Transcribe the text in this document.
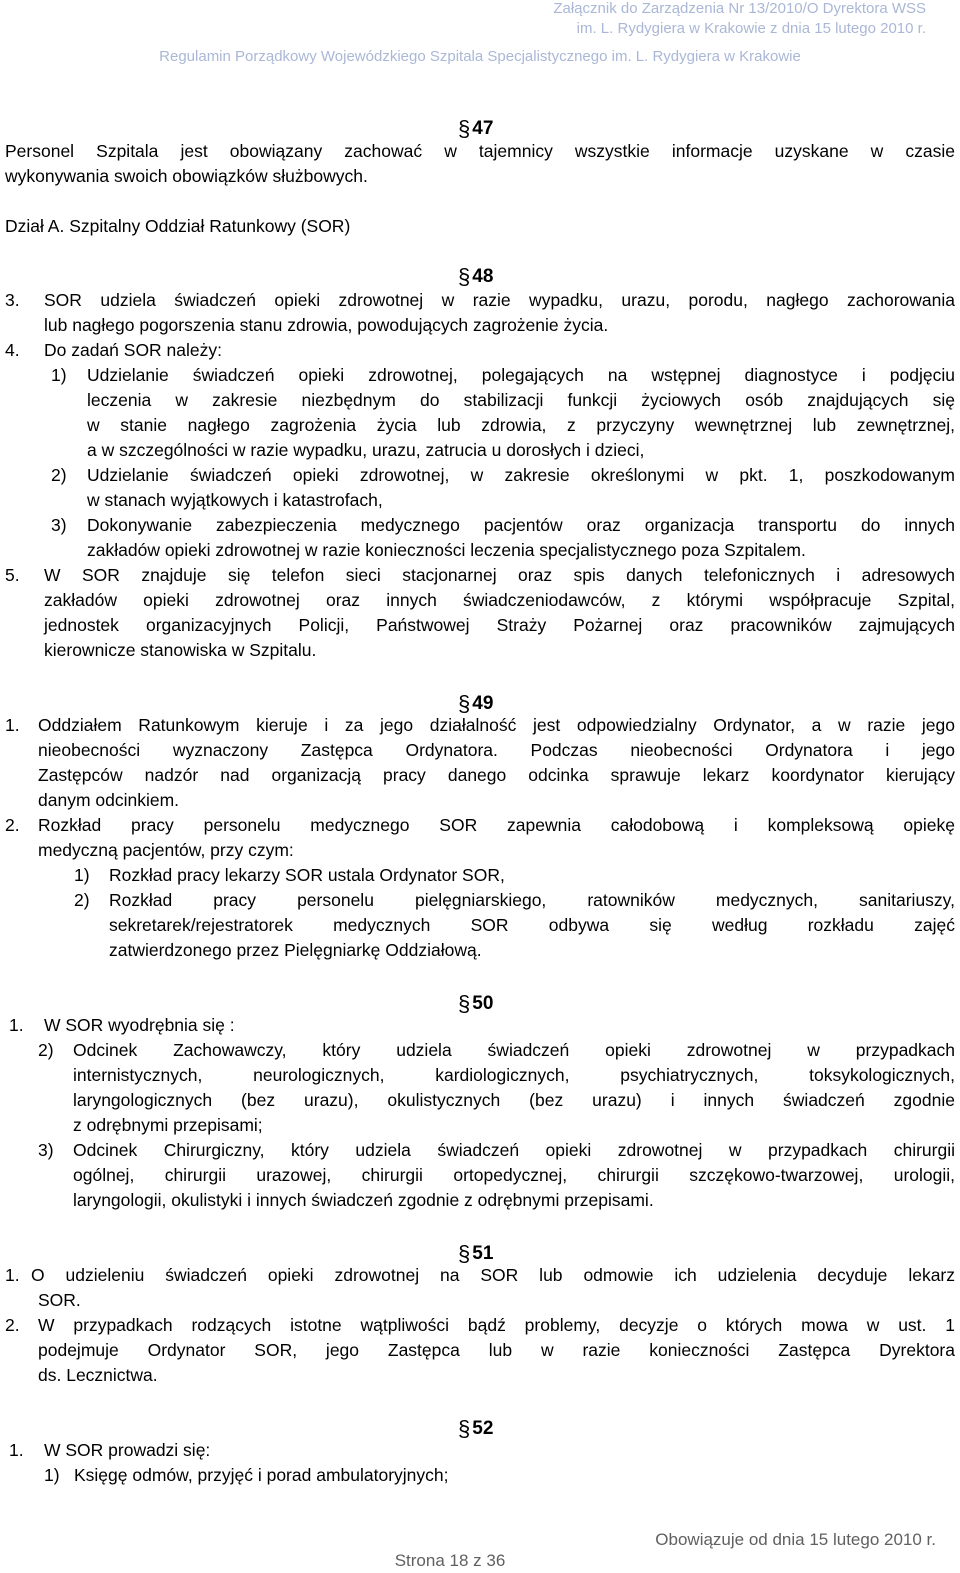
Załącznik do Zarządzenia Nr 13/2010/O Dyrektora WSS
im. L. Rydygiera w Krakowie z dnia 15 lutego 2010 r.
Regulamin Porządkowy Wojewódzkiego Szpitala Specjalistycznego im. L. Rydygiera w Krakowie
§ 47
Personel Szpitala jest obowiązany zachować w tajemnicy wszystkie informacje uzyskane w czasie
wykonywania swoich obowiązków służbowych.
Dział A. Szpitalny Oddział Ratunkowy (SOR)
§ 48
3. SOR udziela świadczeń opieki zdrowotnej w razie wypadku, urazu, porodu, nagłego zachorowania
lub nagłego pogorszenia stanu zdrowia, powodujących zagrożenie życia.
4. Do zadań SOR należy:
1) Udzielanie świadczeń opieki zdrowotnej, polegających na wstępnej diagnostyce i podjęciu
leczenia w zakresie niezbędnym do stabilizacji funkcji życiowych osób znajdujących się
w stanie nagłego zagrożenia życia lub zdrowia, z przyczyny wewnętrznej lub zewnętrznej,
a w szczególności w razie wypadku, urazu, zatrucia u dorosłych i dzieci,
2) Udzielanie świadczeń opieki zdrowotnej, w zakresie określonymi w pkt. 1, poszkodowanym
w stanach wyjątkowych i katastrofach,
3) Dokonywanie zabezpieczenia medycznego pacjentów oraz organizacja transportu do innych
zakładów opieki zdrowotnej w razie konieczności leczenia specjalistycznego poza Szpitalem.
5. W SOR znajduje się telefon sieci stacjonarnej oraz spis danych telefonicznych i adresowych
zakładów opieki zdrowotnej oraz innych świadczeniodawców, z którymi współpracuje Szpital,
jednostek organizacyjnych Policji, Państwowej Straży Pożarnej oraz pracowników zajmujących
kierownicze stanowiska w Szpitalu.
§ 49
1. Oddziałem Ratunkowym kieruje i za jego działalność jest odpowiedzialny Ordynator, a w razie jego
nieobecności wyznaczony Zastępca Ordynatora. Podczas nieobecności Ordynatora i jego
Zastępców nadzór nad organizacją pracy danego odcinka sprawuje lekarz koordynator kierujący
danym odcinkiem.
2. Rozkład pracy personelu medycznego SOR zapewnia całodobową i kompleksową opiekę
medyczną pacjentów, przy czym:
1) Rozkład pracy lekarzy SOR ustala Ordynator SOR,
2) Rozkład pracy personelu pielęgniarskiego, ratowników medycznych, sanitariuszy,
sekretarek/rejestratorek medycznych SOR odbywa się według rozkładu zajęć
zatwierdzonego przez Pielęgniarkę Oddziałową.
§ 50
1. W SOR wyodrębnia się :
2) Odcinek Zachowawczy, który udziela świadczeń opieki zdrowotnej w przypadkach
internistycznych, neurologicznych, kardiologicznych, psychiatrycznych, toksykologicznych,
laryngologicznych (bez urazu), okulistycznych (bez urazu) i innych świadczeń zgodnie
z odrębnymi przepisami;
3) Odcinek Chirurgiczny, który udziela świadczeń opieki zdrowotnej w przypadkach chirurgii
ogólnej, chirurgii urazowej, chirurgii ortopedycznej, chirurgii szczękowo-twarzowej, urologii,
laryngologii, okulistyki i innych świadczeń zgodnie z odrębnymi przepisami.
§ 51
1. O udzieleniu świadczeń opieki zdrowotnej na SOR lub odmowie ich udzielenia decyduje lekarz
SOR.
2. W przypadkach rodzących istotne wątpliwości bądź problemy, decyzje o których mowa w ust. 1
podejmuje Ordynator SOR, jego Zastępca lub w razie konieczności Zastępca Dyrektora
ds. Lecznictwa.
§ 52
1. W SOR prowadzi się:
1) Księgę odmów, przyjęć i porad ambulatoryjnych;
Obowiązuje od dnia 15 lutego 2010 r.
Strona 18 z 36
